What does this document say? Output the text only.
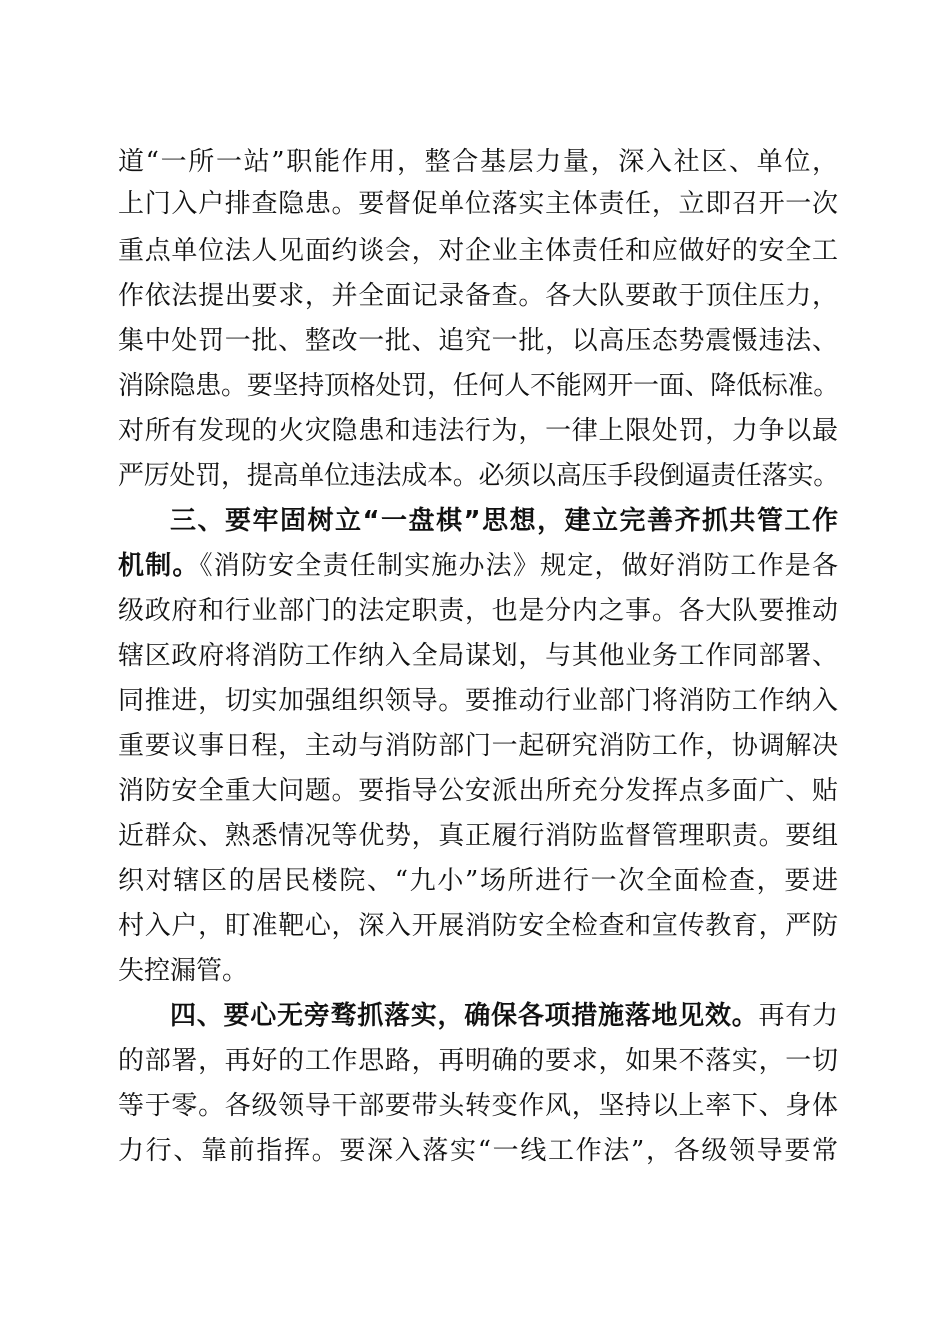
道“一所一站”职能作用，整合基层力量，深入社区、单位，
上门入户排查隐患。要督促单位落实主体责任，立即召开一次
重点单位法人见面约谈会，对企业主体责任和应做好的安全工
作依法提出要求，并全面记录备查。各大队要敢于顶住压力，
集中处罚一批、整改一批、追究一批，以高压态势震慑违法、
消除隐患。要坚持顶格处罚，任何人不能网开一面、降低标准。
对所有发现的火灾隐患和违法行为，一律上限处罚，力争以最
严厉处罚，提高单位违法成本。必须以高压手段倒逼责任落实。
三、要牢固树立“一盘棋”思想，建立完善齐抓共管工作
机制。《消防安全责任制实施办法》规定，做好消防工作是各
级政府和行业部门的法定职责，也是分内之事。各大队要推动
辖区政府将消防工作纳入全局谋划，与其他业务工作同部署、
同推进，切实加强组织领导。要推动行业部门将消防工作纳入
重要议事日程，主动与消防部门一起研究消防工作，协调解决
消防安全重大问题。要指导公安派出所充分发挥点多面广、贴
近群众、熟悉情况等优势，真正履行消防监督管理职责。要组
织对辖区的居民楼院、“九小”场所进行一次全面检查，要进
村入户，盯准靶心，深入开展消防安全检查和宣传教育，严防
失控漏管。
四、要心无旁骛抓落实，确保各项措施落地见效。再有力
的部署，再好的工作思路，再明确的要求，如果不落实，一切
等于零。各级领导干部要带头转变作风，坚持以上率下、身体
力行、靠前指挥。要深入落实“一线工作法”，各级领导要常
